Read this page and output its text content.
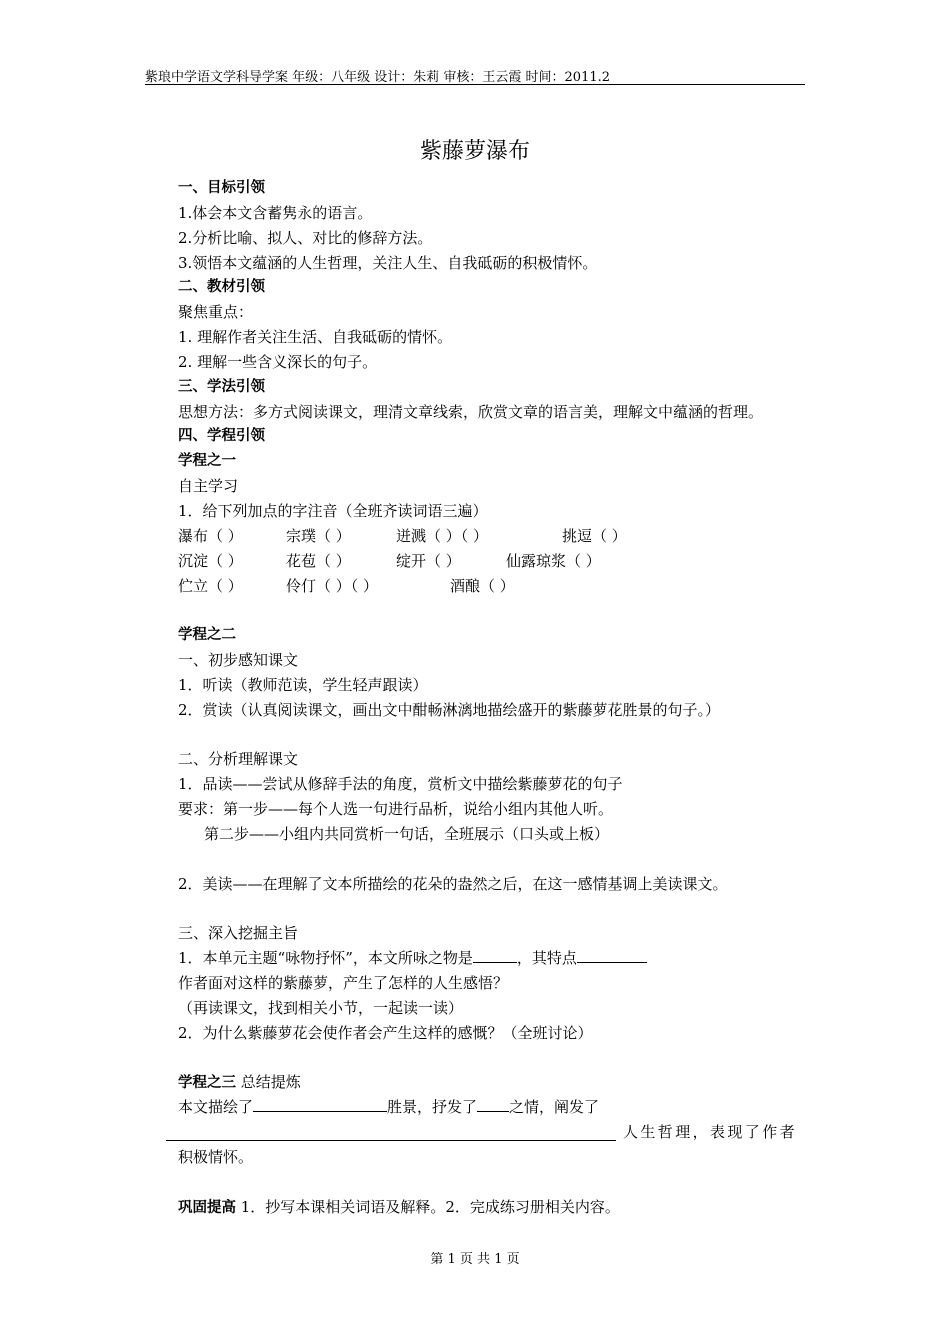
紫琅中学语文学科导学案 年级：八年级 设计：朱莉 审核：王云霞 时间：2011.2
紫藤萝瀑布
一、目标引领
1.体会本文含蓄隽永的语言。
2.分析比喻、拟人、对比的修辞方法。
3.领悟本文蕴涵的人生哲理，关注人生、自我砥砺的积极情怀。
二、教材引领
聚焦重点：
1. 理解作者关注生活、自我砥砺的情怀。
2. 理解一些含义深长的句子。
三、学法引领
思想方法：多方式阅读课文，理清文章线索，欣赏文章的语言美，理解文中蕴涵的哲理。
四、学程引领
学程之一
自主学习
1．给下列加点的字注音（全班齐读词语三遍）
瀑布（ ）	宗璞（ ）	迸溅（ ）（ ）	挑逗（ ）
沉淀（ ）	花苞（ ）	绽开（ ）	仙露琼浆（ ）
伫立（ ）	伶仃（ ）（ ）	酒酿（ ）
学程之二
一、初步感知课文
1．听读（教师范读，学生轻声跟读）
2．赏读（认真阅读课文，画出文中酣畅淋漓地描绘盛开的紫藤萝花胜景的句子。）
二、分析理解课文
1．品读——尝试从修辞手法的角度，赏析文中描绘紫藤萝花的句子
要求：第一步——每个人选一句进行品析，说给小组内其他人听。
第二步——小组内共同赏析一句话，全班展示（口头或上板）
2．美读——在理解了文本所描绘的花朵的盎然之后，在这一感情基调上美读课文。
三、深入挖掘主旨
1．本单元主题“咏物抒怀”，本文所咏之物是	，其特点
作者面对这样的紫藤萝，产生了怎样的人生感悟？
（再读课文，找到相关小节，一起读一读）
2．为什么紫藤萝花会使作者会产生这样的感慨？（全班讨论）
学程之三 总结提炼
本文描绘了	胜景，抒发了 之情，阐发了
人生哲理，表现了作者
积极情怀。
巩固提高 1．抄写本课相关词语及解释。2．完成练习册相关内容。
第 1 页 共 1 页
